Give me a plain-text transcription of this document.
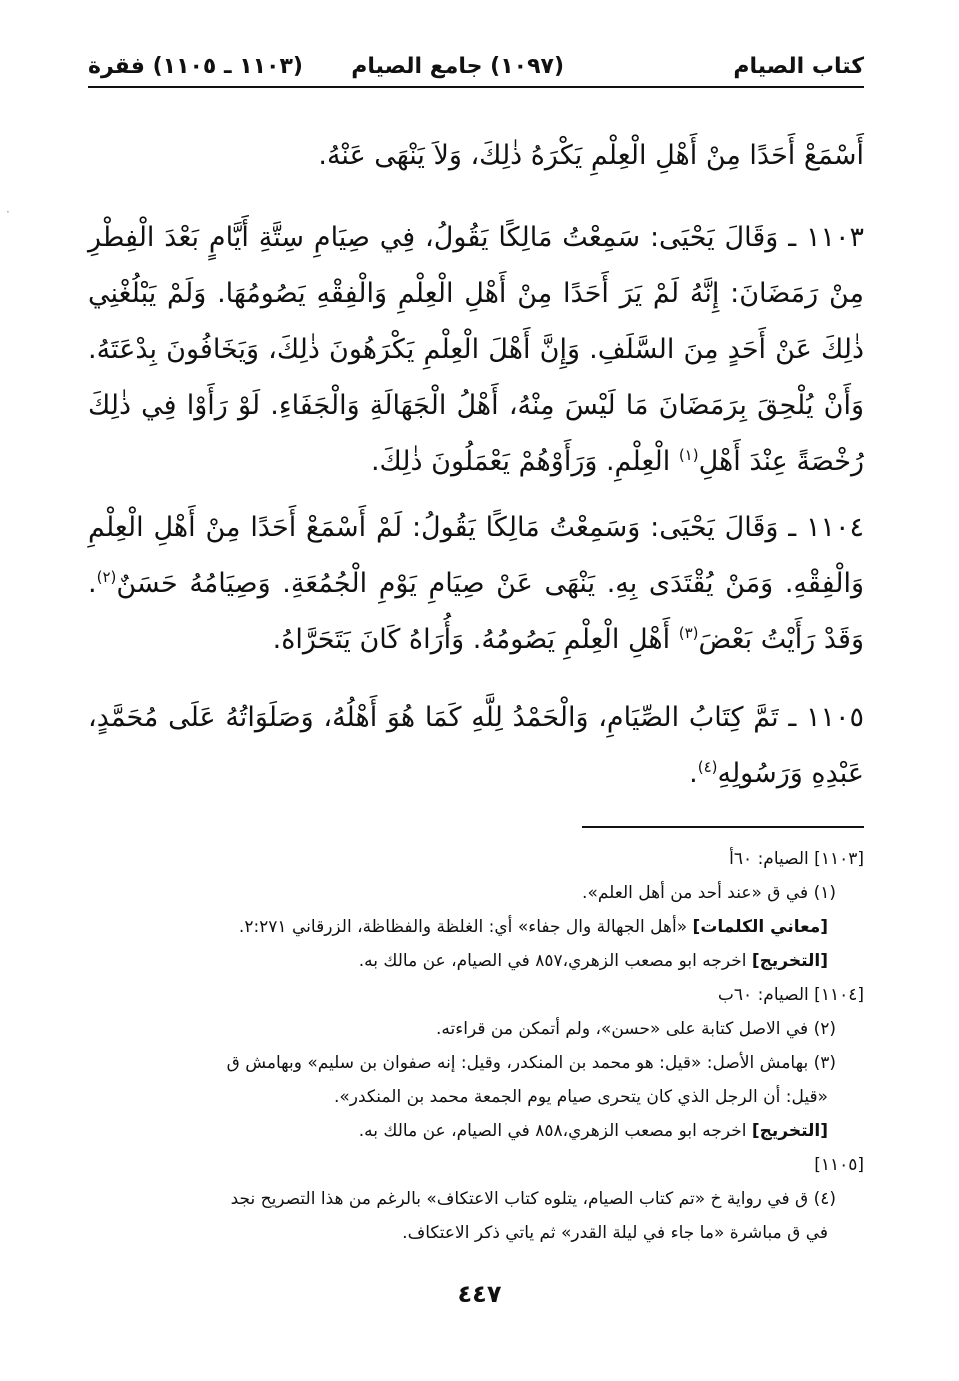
كتاب الصيام
(١٠٩٧) جامع الصيام
(١١٠٣ ـ ١١٠٥) فقرة
·

أَسْمَعْ أَحَدًا مِنْ أَهْلِ الْعِلْمِ يَكْرَهُ ذٰلِكَ، وَلاَ يَنْهَى عَنْهُ.

١١٠٣ ـ وَقَالَ يَحْيَى: سَمِعْتُ مَالِكًا يَقُولُ، فِي صِيَامِ سِتَّةِ أَيَّامٍ بَعْدَ الْفِطْرِ مِنْ رَمَضَانَ: إِنَّهُ لَمْ يَرَ أَحَدًا مِنْ أَهْلِ الْعِلْمِ وَالْفِقْهِ يَصُومُهَا. وَلَمْ يَبْلُغْنِي ذٰلِكَ عَنْ أَحَدٍ مِنَ السَّلَفِ. وَإِنَّ أَهْلَ الْعِلْمِ يَكْرَهُونَ ذٰلِكَ، وَيَخَافُونَ بِدْعَتَهُ. وَأَنْ يُلْحِقَ بِرَمَضَانَ مَا لَيْسَ مِنْهُ، أَهْلُ الْجَهَالَةِ وَالْجَفَاءِ. لَوْ رَأَوْا فِي ذٰلِكَ رُخْصَةً عِنْدَ أَهْلِ$^{(١)}$ الْعِلْمِ. وَرَأَوْهُمْ يَعْمَلُونَ ذٰلِكَ.

١١٠٤ ـ وَقَالَ يَحْيَى: وَسَمِعْتُ مَالِكًا يَقُولُ: لَمْ أَسْمَعْ أَحَدًا مِنْ أَهْلِ الْعِلْمِ وَالْفِقْهِ. وَمَنْ يُقْتَدَى بِهِ. يَنْهَى عَنْ صِيَامِ يَوْمِ الْجُمُعَةِ. وَصِيَامُهُ حَسَنٌ$^{(٢)}$. وَقَدْ رَأَيْتُ بَعْضَ$^{(٣)}$ أَهْلِ الْعِلْمِ يَصُومُهُ. وَأُرَاهُ كَانَ يَتَحَرَّاهُ.

١١٠٥ ـ تَمَّ كِتَابُ الصِّيَامِ، وَالْحَمْدُ لِلَّهِ كَمَا هُوَ أَهْلُهُ، وَصَلَوَاتُهُ عَلَى مُحَمَّدٍ، عَبْدِهِ وَرَسُولِهِ$^{(٤)}$.

[١١٠٣] الصيام: ٦٠أ

(١) في ق «عند أحد من أهل العلم».

[معاني الكلمات] «أهل الجهالة وال جفاء» أي: الغلظة والفظاظة، الزرقاني ٢:٢٧١.

[التخريج] اخرجه ابو مصعب الزهري،٨٥٧ في الصيام، عن مالك به.

[١١٠٤] الصيام: ٦٠ب

(٢) في الاصل كتابة على «حسن»، ولم أتمكن من قراءته.

(٣) بهامش الأصل: «قيل: هو محمد بن المنكدر، وقيل: إنه صفوان بن سليم» وبهامش ق

«قيل: أن الرجل الذي كان يتحرى صيام يوم الجمعة محمد بن المنكدر».

[التخريج] اخرجه ابو مصعب الزهري،٨٥٨ في الصيام، عن مالك به.

[١١٠٥]

(٤) ق في رواية خ «تم كتاب الصيام، يتلوه كتاب الاعتكاف» بالرغم من هذا التصريح نجد

في ق مباشرة «ما جاء في ليلة القدر» ثم ياتي ذكر الاعتكاف.

٤٤٧
